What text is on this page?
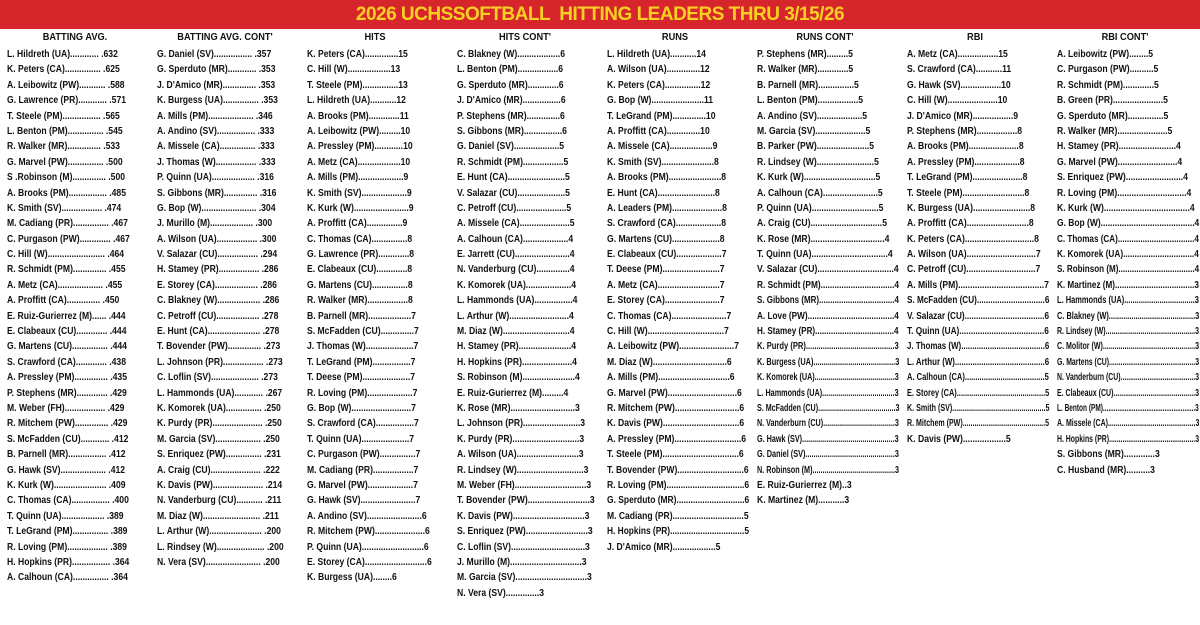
2026 UCHSSOFTBALL  HITTING LEADERS THRU 3/15/26
BATTING AVG.
L. Hildreth (UA)............ .632
K. Peters (CA)............... .625
A. Leibowitz (PW)........... .588
G. Lawrence (PR)............ .571
T. Steele (PM)................ .565
L. Benton (PM)............... .545
R. Walker (MR).............. .533
G. Marvel (PW)............... .500
S .Robinson (M).............. .500
A. Brooks (PM)................ .485
K. Smith (SV)................. .474
M. Cadiang (PR)............... .467
C. Purgason (PW)............. .467
C. Hill (W)........................ .464
R. Schmidt (PM).............. .455
A. Metz (CA)................... .455
A. Proffitt (CA).............. .450
E. Ruiz-Gurierrez (M)...... .444
E. Clabeaux (CU)............. .444
G. Martens (CU)............... .444
S. Crawford (CA)............. .438
A. Pressley (PM).............. .435
P. Stephens (MR)............. .429
M. Weber (FH)................. .429
R. Mitchem (PW).............. .429
S. McFadden (CU)............ .412
B. Parnell (MR)................ .412
G. Hawk (SV)................... .412
K. Kurk (W)...................... .409
C. Thomas (CA)................ .400
T. Quinn (UA).................. .389
T. LeGrand (PM)............... .389
R. Loving (PM)................. .389
H. Hopkins (PR)................ .364
A. Calhoun (CA)............... .364
BATTING AVG. CONT'
G. Daniel (SV)................ .357
G. Sperduto (MR)............ .353
J. D'Amico (MR).............. .353
K. Burgess (UA)............... .353
A. Mills (PM)................... .346
A. Andino (SV)................ .333
A. Missele (CA)............... .333
J. Thomas (W)................. .333
P. Quinn (UA).................. .316
S. Gibbons (MR).............. .316
G. Bop (W)....................... .304
J. Murillo (M).................. .300
A. Wilson (UA)................. .300
V. Salazar (CU)................. .294
H. Stamey (PR)................. .286
E. Storey (CA).................. .286
C. Blakney (W).................. .286
C. Petroff (CU).................. .278
E. Hunt (CA)...................... .278
T. Bovender (PW).............. .273
L. Johnson (PR)................. .273
C. Loflin (SV).................... .273
L. Hammonds (UA)............ .267
K. Komorek (UA)............... .250
K. Purdy (PR)..................... .250
M. Garcia (SV)................... .250
S. Enriquez (PW)............... .231
A. Craig (CU)..................... .222
K. Davis (PW)..................... .214
N. Vanderburg (CU)........... .211
M. Diaz (W)........................ .211
L. Arthur (W)...................... .200
L. Rindsey (W).................... .200
N. Vera (SV)....................... .200
HITS
K. Peters (CA)..............15
C. Hill (W)..................13
T. Steele (PM)...............13
L. Hildreth (UA)...........12
A. Brooks (PM).............11
A. Leibowitz (PW).........10
A. Pressley (PM)............10
A. Metz (CA)..................10
A. Mills (PM)...................9
K. Smith (SV)...................9
K. Kurk (W).......................9
A. Proffitt (CA)...............9
C. Thomas (CA)...............8
G. Lawrence (PR).............8
E. Clabeaux (CU).............8
G. Martens (CU)...............8
R. Walker (MR).................8
B. Parnell (MR)..................7
S. McFadden (CU)..............7
J. Thomas (W)....................7
T. LeGrand (PM)................7
T. Deese (PM)....................7
R. Loving (PM)...................7
G. Bop (W).........................7
S. Crawford (CA)................7
T. Quinn (UA)....................7
C. Purgason (PW)...............7
M. Cadiang (PR).................7
G. Marvel (PW)...................7
G. Hawk (SV).......................7
A. Andino (SV).......................6
R. Mitchem (PW).....................6
P. Quinn (UA)..........................6
E. Storey (CA)..........................6
K. Burgess (UA)........6
HITS CONT'
C. Blakney (W)..................6
L. Benton (PM).................6
G. Sperduto (MR).............6
J. D'Amico (MR)................6
P. Stephens (MR)..............6
S. Gibbons (MR)................6
G. Daniel (SV)...................5
R. Schmidt (PM).................5
E. Hunt (CA)........................5
V. Salazar (CU)....................5
C. Petroff (CU).....................5
A. Missele (CA).....................5
A. Calhoun (CA)...................4
E. Jarrett (CU).......................4
N. Vanderburg (CU)..............4
K. Komorek (UA)...................4
L. Hammonds (UA)................4
L. Arthur (W).........................4
M. Diaz (W)............................4
H. Stamey (PR)......................4
H. Hopkins (PR).....................4
S. Robinson (M)......................4
E. Ruiz-Gurierrez (M).........4
K. Rose (MR)...........................3
L. Johnson (PR)........................3
K. Purdy (PR)............................3
A. Wilson (UA)..........................3
R. Lindsey (W)............................3
M. Weber (FH)..............................3
T. Bovender (PW)..........................3
K. Davis (PW)..............................3
S. Enriquez (PW)..........................3
C. Loflin (SV)...............................3
J. Murillo (M)..............................3
M. Garcia (SV)..............................3
N. Vera (SV)..............3
RUNS
L. Hildreth (UA)...........14
A. Wilson (UA)..............12
K. Peters (CA)...............12
G. Bop (W)......................11
T. LeGrand (PM)..............10
A. Proffitt (CA)..............10
A. Missele (CA)..................9
K. Smith (SV)......................8
A. Brooks (PM)......................8
E. Hunt (CA)........................8
A. Leaders (PM).....................8
S. Crawford (CA)...................8
G. Martens (CU)....................8
E. Clabeaux (CU)...................7
T. Deese (PM)........................7
A. Metz (CA)..........................7
E. Storey (CA).......................7
C. Thomas (CA).......................7
C. Hill (W)................................7
A. Leibowitz (PW).......................7
M. Diaz (W)...............................6
A. Mills (PM)..............................6
G. Marvel (PW).............................6
R. Mitchem (PW)...........................6
K. Davis (PW)................................6
A. Pressley (PM)............................6
T. Steele (PM)................................6
T. Bovender (PW)............................6
R. Loving (PM).................................6
G. Sperduto (MR).............................6
M. Cadiang (PR)..............................5
H. Hopkins (PR)................................5
J. D'Amico (MR)..................5
RUNS CONT'
P. Stephens (MR).........5
R. Walker (MR).............5
B. Parnell (MR)...............5
L. Benton (PM).................5
A. Andino (SV)...................5
M. Garcia (SV).....................5
B. Parker (PW)......................5
R. Lindsey (W)........................5
K. Kurk (W)..............................5
A. Calhoun (CA).......................5
P. Quinn (UA)............................5
A. Craig (CU)..............................5
K. Rose (MR)...............................4
T. Quinn (UA)................................4
V. Salazar (CU)................................4
R. Schmidt (PM)................................4
S. Gibbons (MR)..................................4
A. Love (PW)......................................4
H. Stamey (PR)...................................4
K. Purdy (PR)..........................................3
K. Burgess (UA)........................................3
K. Komorek (UA)........................................3
L. Hammonds (UA)....................................3
S. McFadden (CU).......................................3
N. Vanderburn (CU)....................................3
G. Hawk (SV)..............................................3
G. Daniel (SV)............................................3
N. Robinson (M).........................................3
E. Ruiz-Gurierrez (M)..3
K. Martinez (M)...........3
RBI
A. Metz (CA).................15
S. Crawford (CA)...........11
G. Hawk (SV).................10
C. Hill (W).....................10
J. D'Amico (MR).................9
P. Stephens (MR).................8
A. Brooks (PM).....................8
A. Pressley (PM)...................8
T. LeGrand (PM).....................8
T. Steele (PM)..........................8
K. Burgess (UA)........................8
A. Proffitt (CA)..........................8
K. Peters (CA).............................8
A. Wilson (UA).............................7
C. Petroff (CU).............................7
A. Mills (PM)....................................7
S. McFadden (CU)..............................6
V. Salazar (CU)...................................6
T. Quinn (UA).....................................6
J. Thomas (W)......................................6
L. Arthur (W).........................................6
A. Calhoun (CA)......................................5
E. Storey (CA)...........................................5
K. Smith (SV)...............................................5
R. Mitchem (PW)..........................................5
K. Davis (PW)..................5
RBI CONT'
A. Leibowitz (PW)........5
C. Purgason (PW)..........5
R. Schmidt (PM).............5
B. Green (PR).....................5
G. Sperduto (MR)...............5
R. Walker (MR).....................5
H. Stamey (PR)........................4
G. Marvel (PW).........................4
S. Enriquez (PW)........................4
R. Loving (PM).............................4
K. Kurk (W)....................................4
G. Bop (W)........................................4
C. Thomas (CA)..................................4
K. Komorek (UA)...............................4
S. Robinson (M)..................................4
K. Martinez (M)...................................3
L. Hammonds (UA)..................................3
C. Blakney (W)..........................................3
R. Lindsey (W)..............................................3
C. Molitor (W)...............................................3
G. Martens (CU).............................................3
N. Vanderburn (CU).......................................3
E. Clabeaux (CU)..........................................3
L. Benton (PM)...................................................3
A. Missele (CA).............................................3
H. Hopkins (PR).............................................3
S. Gibbons (MR).............3
C. Husband (MR)..........3
